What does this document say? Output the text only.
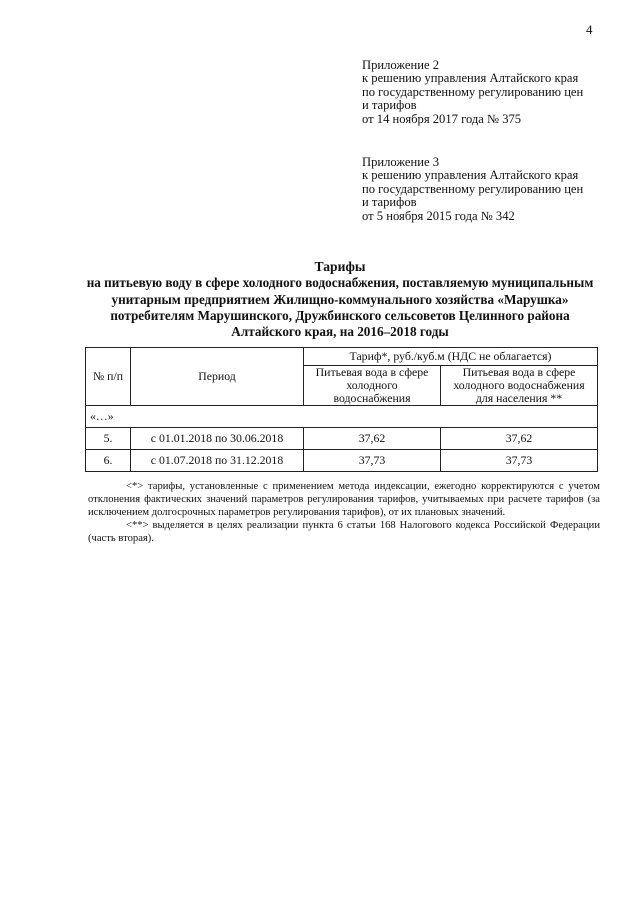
4
Приложение 2
к решению управления Алтайского края
по государственному регулированию цен
и тарифов
от 14 ноября 2017 года № 375
Приложение 3
к решению управления Алтайского края
по государственному регулированию цен
и тарифов
от 5 ноября 2015 года № 342
Тарифы
на питьевую воду в сфере холодного водоснабжения, поставляемую муниципальным
унитарным предприятием Жилищно-коммунального хозяйства «Марушка»
потребителям Марушинского, Дружбинского сельсоветов Целинного района
Алтайского края, на 2016–2018 годы
№ п/п	Период	Тариф*, руб./куб.м (НДС не облагается)	
		Питьевая вода в сфере холодного водоснабжения	Питьевая вода в сфере
холодного водоснабжения
для населения **

«…»			
5.	с 01.01.2018 по 30.06.2018	37,62	37,62
6.	с 01.07.2018 по 31.12.2018	37,73	37,73

<*> тарифы, установленные с применением метода индексации, ежегодно корректируются с учетом отклонения фактических значений параметров регулирования тарифов, учитываемых при расчете тарифов (за исключением долгосрочных параметров регулирования тарифов), от их плановых значений.

<**> выделяется в целях реализации пункта 6 статьи 168 Налогового кодекса Российской Федерации (часть вторая).
